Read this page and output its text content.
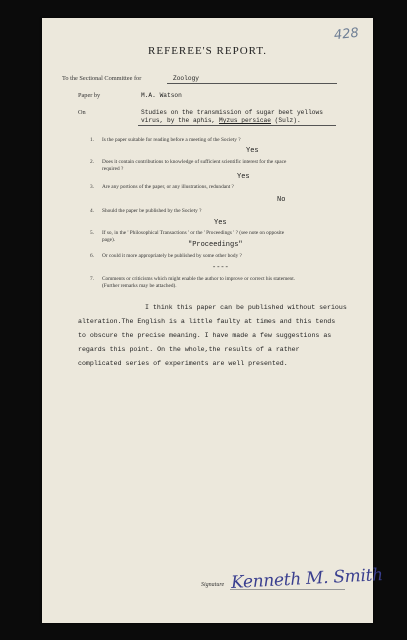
428
REFEREE'S REPORT.
To the Sectional Committee for	Zoology
Paper by	M.A. Watson
On	Studies on the transmission of sugar beet yellows
virus, by the aphis, Myzus persicae (Sulz).
1. Is the paper suitable for reading before a meeting of the Society ?
Yes
2. Does it contain contributions to knowledge of sufficient scientific interest for the space
required ?
Yes
3. Are any portions of the paper, or any illustrations, redundant ?
No
4. Should the paper be published by the Society ?
Yes
5. If so, in the ' Philosophical Transactions ' or the ' Proceedings ' ? (see note on opposite
page).
"Proceedings"
6. Or could it more appropriately be published by some other body ?
----
7. Comments or criticisms which might enable the author to improve or correct his statement.
(Further remarks may be attached).
I think this paper can be published without serious
alteration.The English is a little faulty at times and this tends
to obscure the precise meaning. I have made a few suggestions as
regards this point. On the whole,the results of a rather
complicated series of experiments are well presented.
Signature Kenneth M. Smith
